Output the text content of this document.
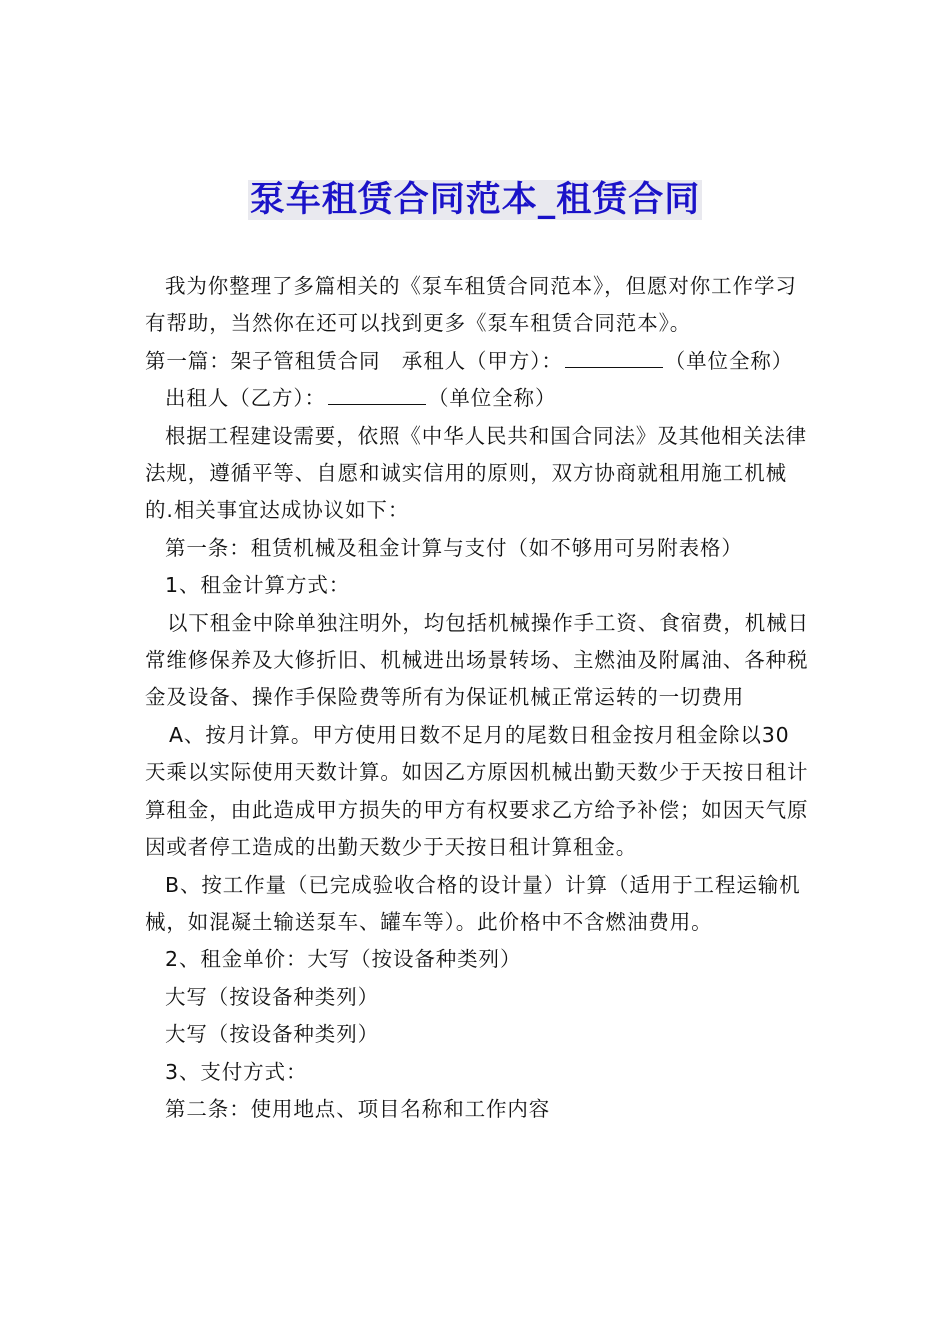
泵车租赁合同范本_租赁合同

我为你整理了多篇相关的《泵车租赁合同范本》，但愿对你工作学习有帮助，当然你在还可以找到更多《泵车租赁合同范本》。

第一篇：架子管租赁合同　承租人（甲方）：	（单位全称）

出租人（乙方）：	（单位全称）

根据工程建设需要，依照《中华人民共和国合同法》及其他相关法律法规，遵循平等、自愿和诚实信用的原则，双方协商就租用施工机械的.相关事宜达成协议如下：

第一条：租赁机械及租金计算与支付（如不够用可另附表格）

1、租金计算方式：

以下租金中除单独注明外，均包括机械操作手工资、食宿费，机械日常维修保养及大修折旧、机械进出场景转场、主燃油及附属油、各种税金及设备、操作手保险费等所有为保证机械正常运转的一切费用

A、按月计算。甲方使用日数不足月的尾数日租金按月租金除以30天乘以实际使用天数计算。如因乙方原因机械出勤天数少于天按日租计算租金，由此造成甲方损失的甲方有权要求乙方给予补偿；如因天气原因或者停工造成的出勤天数少于天按日租计算租金。

B、按工作量（已完成验收合格的设计量）计算（适用于工程运输机械，如混凝土输送泵车、罐车等）。此价格中不含燃油费用。

2、租金单价：大写（按设备种类列）

大写（按设备种类列）

大写（按设备种类列）

3、支付方式：

第二条：使用地点、项目名称和工作内容
